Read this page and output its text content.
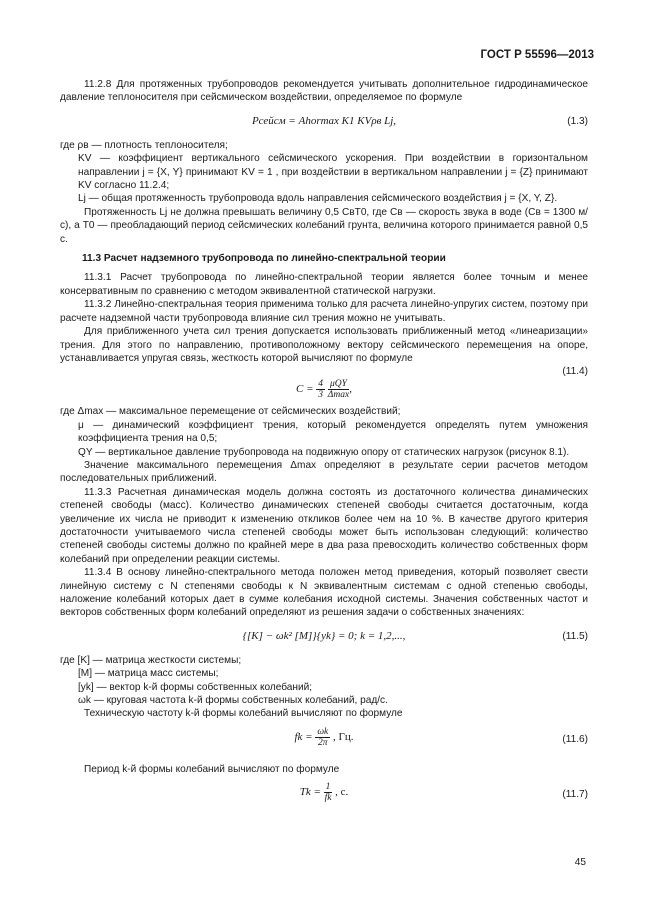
ГОСТ Р 55596—2013

11.2.8 Для протяженных трубопроводов рекомендуется учитывать дополнительное гидродинамическое давление теплоносителя при сейсмическом воздействии, определяемое по формуле

Pсейсм = Ahormax K1 KVρв Lj,	(1.3)

где ρв — плотность теплоносителя;

KV — коэффициент вертикального сейсмического ускорения. При воздействии в горизонтальном направлении j = {X, Y} принимают KV = 1 , при воздействии в вертикальном направлении j = {Z} принимают KV согласно 11.2.4;

Lj — общая протяженность трубопровода вдоль направления сейсмического воздействия j = {X, Y, Z}.

Протяженность Lj не должна превышать величину 0,5 CвT0, где Cв — скорость звука в воде (Cв = 1300 м/с), а T0 — преобладающий период сейсмических колебаний грунта, величина которого принимается равной 0,5 с.

11.3 Расчет надземного трубопровода по линейно-спектральной теории

11.3.1 Расчет трубопровода по линейно-спектральной теории является более точным и менее консервативным по сравнению с методом эквивалентной статической нагрузки.

11.3.2 Линейно-спектральная теория применима только для расчета линейно-упругих систем, поэтому при расчете надземной части трубопровода влияние сил трения можно не учитывать.

Для приближенного учета сил трения допускается использовать приближенный метод «линеаризации» трения. Для этого по направлению, противоположному вектору сейсмического перемещения на опоре, устанавливается упругая связь, жесткость которой вычисляют по формуле

(11.4)
$C = \frac{4}{3}$
$\frac{\text{μQY}}{\Delta\max}$ ,

где Δmax — максимальное перемещение от сейсмических воздействий;

μ — динамический коэффициент трения, который рекомендуется определять путем умножения коэффициента трения на 0,5;

QY — вертикальное давление трубопровода на подвижную опору от статических нагрузок (рисунок 8.1).

Значение максимального перемещения Δmax определяют в результате серии расчетов методом последовательных приближений.

11.3.3 Расчетная динамическая модель должна состоять из достаточного количества динамических степеней свободы (масс). Количество динамических степеней свободы считается достаточным, когда увеличение их числа не приводит к изменению откликов более чем на 10 %. В качестве другого критерия достаточности учитываемого числа степеней свободы может быть использован следующий: количество степеней свободы системы должно по крайней мере в два раза превосходить количество собственных форм колебаний при определении реакции системы.

11.3.4 В основу линейно-спектрального метода положен метод приведения, который позволяет свести линейную систему с N степенями свободы к N эквивалентным системам с одной степенью свободы, наложение колебаний которых дает в сумме колебания исходной системы. Значения собственных частот и векторов собственных форм колебаний определяют из решения задачи о собственных значениях:

{[K] − ωk² [M]}{yk} = 0; k = 1,2,...,	(11.5)

где [K] — матрица жесткости системы;

[M] — матрица масс системы;

[yk] — вектор k-й формы собственных колебаний;

ωk — круговая частота k-й формы собственных колебаний, рад/с.

Техническую частоту k-й формы колебаний вычисляют по формуле

fk = $\frac{\omega k}{2\pi}$ , Гц.	(11.6)

Период k-й формы колебаний вычисляют по формуле

$Tk = \frac{1}{fk}$ , с.	(11.7)
45
